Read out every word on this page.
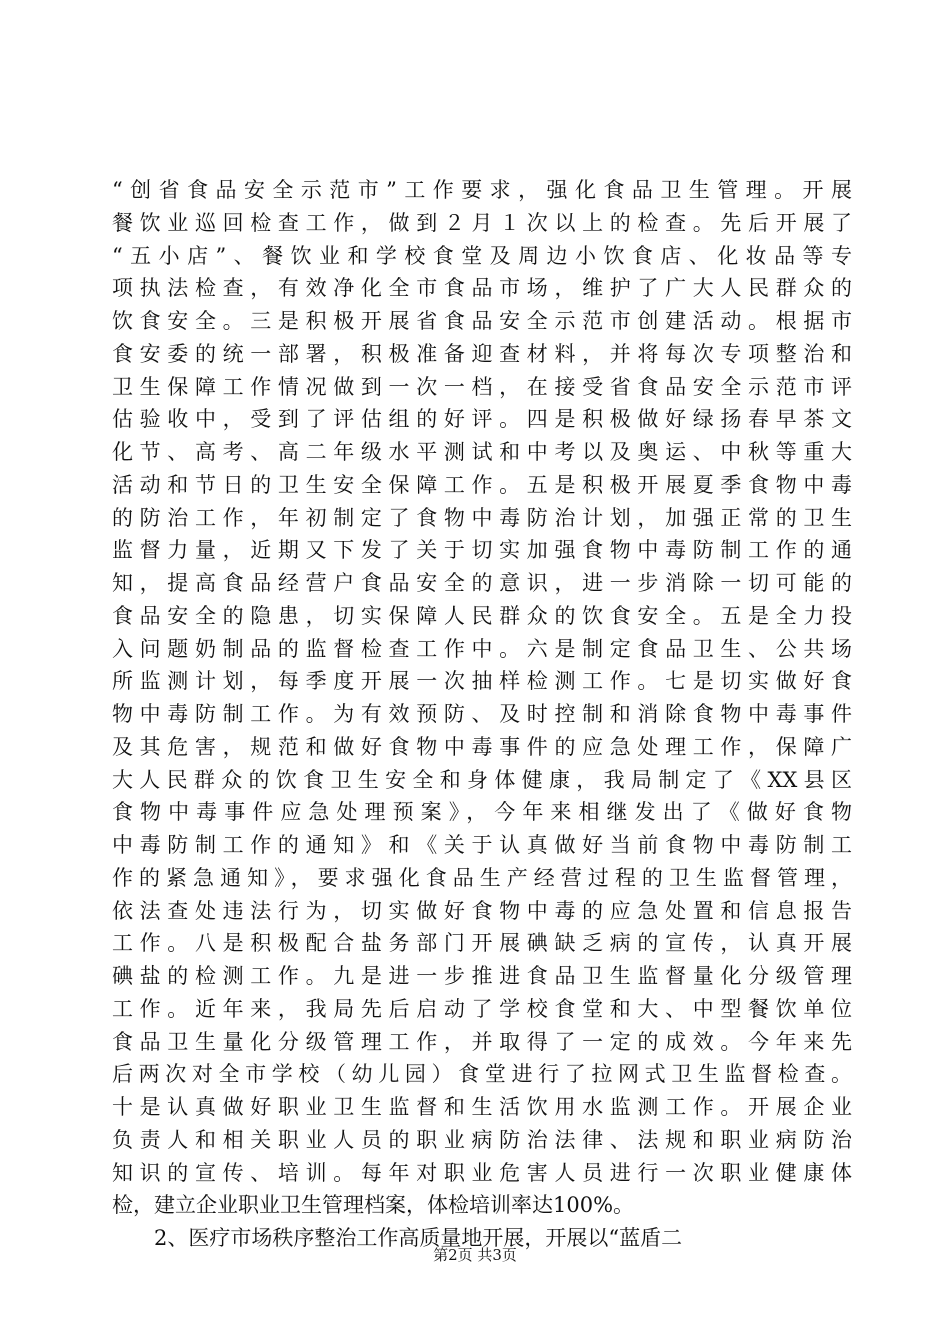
“创省食品安全示范市”工作要求，强化食品卫生管理。开展
餐饮业巡回检查工作，做到２月１次以上的检查。先后开展了
“五小店”、餐饮业和学校食堂及周边小饮食店、化妆品等专
项执法检查，有效净化全市食品市场，维护了广大人民群众的
饮食安全。三是积极开展省食品安全示范市创建活动。根据市
食安委的统一部署，积极准备迎查材料，并将每次专项整治和
卫生保障工作情况做到一次一档，在接受省食品安全示范市评
估验收中，受到了评估组的好评。四是积极做好绿扬春早茶文
化节、高考、高二年级水平测试和中考以及奥运、中秋等重大
活动和节日的卫生安全保障工作。五是积极开展夏季食物中毒
的防治工作，年初制定了食物中毒防治计划，加强正常的卫生
监督力量，近期又下发了关于切实加强食物中毒防制工作的通
知，提高食品经营户食品安全的意识，进一步消除一切可能的
食品安全的隐患，切实保障人民群众的饮食安全。五是全力投
入问题奶制品的监督检查工作中。六是制定食品卫生、公共场
所监测计划，每季度开展一次抽样检测工作。七是切实做好食
物中毒防制工作。为有效预防、及时控制和消除食物中毒事件
及其危害，规范和做好食物中毒事件的应急处理工作，保障广
大人民群众的饮食卫生安全和身体健康，我局制定了《XX县区
食物中毒事件应急处理预案》，今年来相继发出了《做好食物
中毒防制工作的通知》和《关于认真做好当前食物中毒防制工
作的紧急通知》，要求强化食品生产经营过程的卫生监督管理，
依法查处违法行为，切实做好食物中毒的应急处置和信息报告
工作。八是积极配合盐务部门开展碘缺乏病的宣传，认真开展
碘盐的检测工作。九是进一步推进食品卫生监督量化分级管理
工作。近年来，我局先后启动了学校食堂和大、中型餐饮单位
食品卫生量化分级管理工作，并取得了一定的成效。今年来先
后两次对全市学校（幼儿园）食堂进行了拉网式卫生监督检查。
十是认真做好职业卫生监督和生活饮用水监测工作。开展企业
负责人和相关职业人员的职业病防治法律、法规和职业病防治
知识的宣传、培训。每年对职业危害人员进行一次职业健康体
检，建立企业职业卫生管理档案，体检培训率达100%。
2、医疗市场秩序整治工作高质量地开展，开展以“蓝盾二
第2页 共3页
